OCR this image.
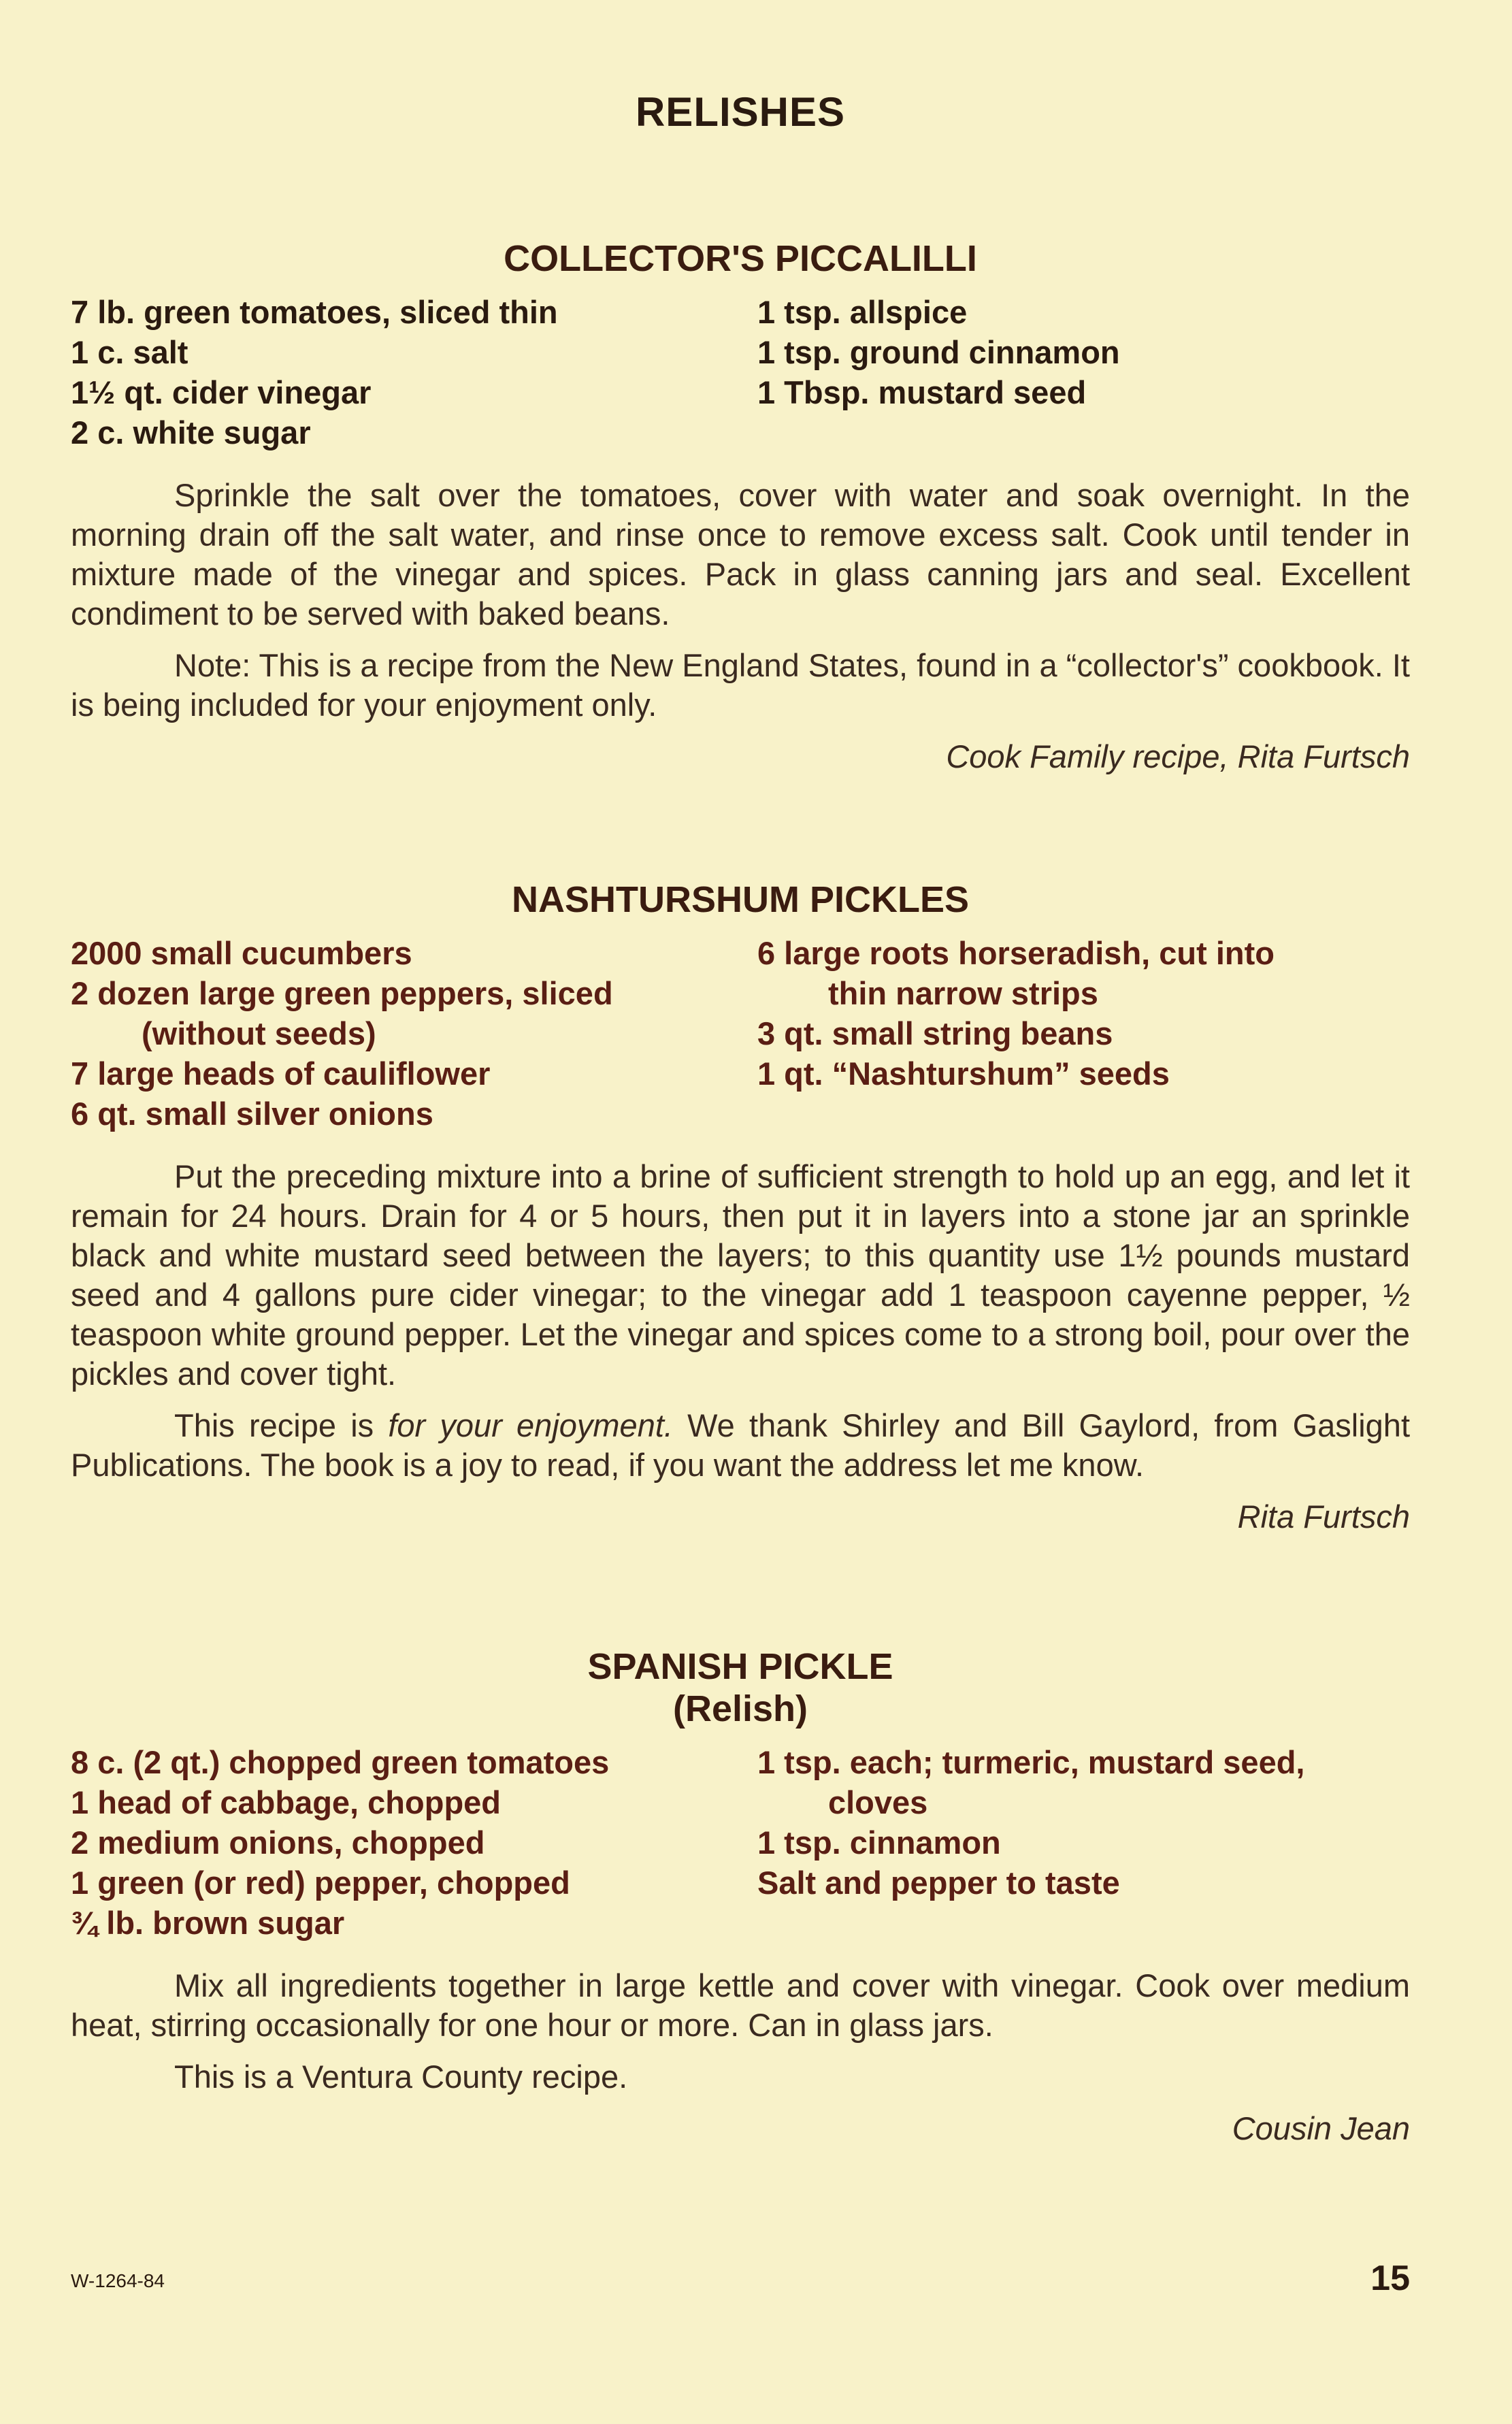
RELISHES
COLLECTOR'S PICCALILLI
7 lb. green tomatoes, sliced thin
1 c. salt
1½ qt. cider vinegar
2 c. white sugar
1 tsp. allspice
1 tsp. ground cinnamon
1 Tbsp. mustard seed

Sprinkle the salt over the tomatoes, cover with water and soak overnight. In the morning drain off the salt water, and rinse once to remove excess salt. Cook until tender in mixture made of the vinegar and spices. Pack in glass canning jars and seal. Excellent condiment to be served with baked beans.

Note: This is a recipe from the New England States, found in a “collector's” cookbook. It is being included for your enjoyment only.

Cook Family recipe, Rita Furtsch

NASHTURSHUM PICKLES
2000 small cucumbers
2 dozen large green peppers, sliced
(without seeds)
7 large heads of cauliflower
6 qt. small silver onions
6 large roots horseradish, cut into
thin narrow strips
3 qt. small string beans
1 qt. “Nashturshum” seeds

Put the preceding mixture into a brine of sufficient strength to hold up an egg, and let it remain for 24 hours. Drain for 4 or 5 hours, then put it in layers into a stone jar an sprinkle black and white mustard seed between the layers; to this quantity use 1½ pounds mustard seed and 4 gallons pure cider vinegar; to the vinegar add 1 teaspoon cayenne pepper, ½ teaspoon white ground pepper. Let the vinegar and spices come to a strong boil, pour over the pickles and cover tight.

This recipe is for your enjoyment. We thank Shirley and Bill Gaylord, from Gaslight Publications. The book is a joy to read, if you want the address let me know.

Rita Furtsch

SPANISH PICKLE
(Relish)
8 c. (2 qt.) chopped green tomatoes
1 head of cabbage, chopped
2 medium onions, chopped
1 green (or red) pepper, chopped
¾ lb. brown sugar
1 tsp. each; turmeric, mustard seed,
cloves
1 tsp. cinnamon
Salt and pepper to taste

Mix all ingredients together in large kettle and cover with vinegar. Cook over medium heat, stirring occasionally for one hour or more. Can in glass jars.

This is a Ventura County recipe.

Cousin Jean

W-1264-84	15
